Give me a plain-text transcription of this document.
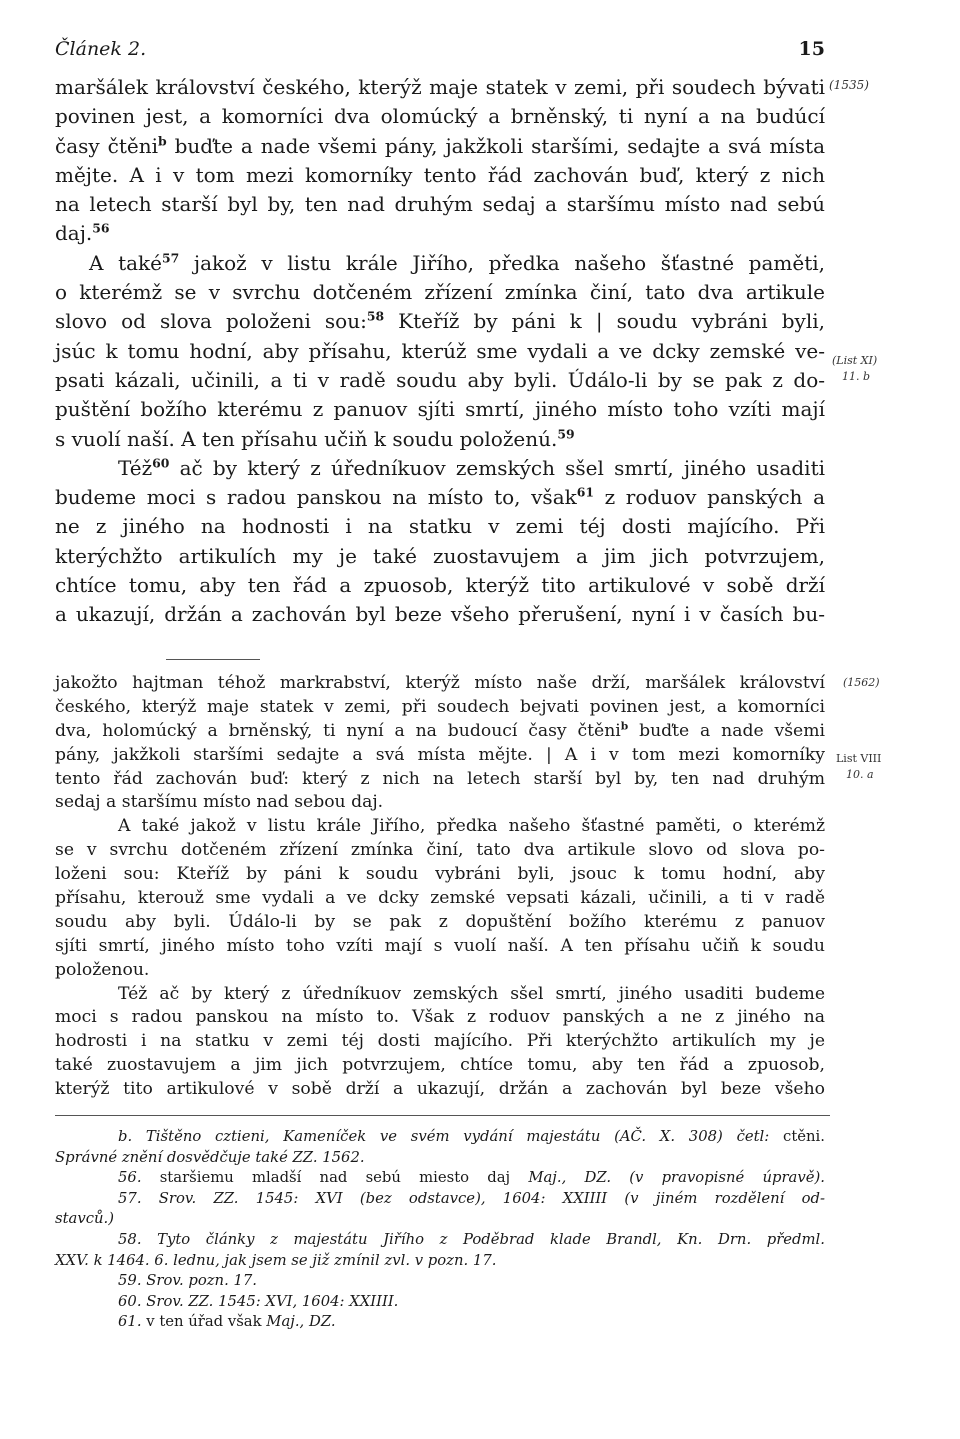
Článek 2.	15
maršálek království českého, kterýž maje statek v zemi, při soudech bývati
povinen jest, a komorníci dva olomúcký a brněnský, ti nyní a na budúcí
časy čtěni$^b$ buďte a nade všemi pány, jakžkoli staršími, sedajte a svá místa
mějte. A i v tom mezi komorníky tento řád zachován buď, který z nich
na letech starší byl by, ten nad druhým sedaj a staršímu místo nad sebú
daj.$^{56}$
A také$^{57}$ jakož v listu krále Jiřího, předka našeho šťastné paměti,
o kterémž se v svrchu dotčeném zřízení zmínka činí, tato dva artikule
slovo od slova položeni sou:$^{58}$ Kteříž by páni k | soudu vybráni byli,
jsúc k tomu hodní, aby přísahu, kterúž sme vydali a ve dcky zemské ve-
psati kázali, učinili, a ti v radě soudu aby byli. Údálo-li by se pak z do-
puštění božího kterému z panuov sjíti smrtí, jiného místo toho vzíti mají
s vuolí naší. A ten přísahu učiň k soudu položenú.$^{59}$
Též$^{60}$ ač by který z úředníkuov zemských sšel smrtí, jiného usaditi
budeme moci s radou panskou na místo to, však$^{61}$ z roduov panských a
ne z jiného na hodnosti i na statku v zemi téj dosti majícího. Při
kterýchžto artikulích my je také zuostavujem a jim jich potvrzujem,
chtíce tomu, aby ten řád a zpuosob, kterýž tito artikulové v sobě drží
a ukazují, držán a zachován byl beze všeho přerušení, nyní i v časích bu-
(1535)
(List XI)
11. b
jakožto hajtman téhož markrabství, kterýž místo naše drží, maršálek království
českého, kterýž maje statek v zemi, při soudech bejvati povinen jest, a komorníci
dva, holomúcký a brněnský, ti nyní a na budoucí časy čtěni$^b$ buďte a nade všemi
pány, jakžkoli staršími sedajte a svá místa mějte. | A i v tom mezi komorníky
tento řád zachován buď: který z nich na letech starší byl by, ten nad druhým
sedaj a staršímu místo nad sebou daj.
A také jakož v listu krále Jiřího, předka našeho šťastné paměti, o kterémž
se v svrchu dotčeném zřízení zmínka činí, tato dva artikule slovo od slova po-
loženi sou: Kteříž by páni k soudu vybráni byli, jsouc k tomu hodní, aby
přísahu, kterouž sme vydali a ve dcky zemské vepsati kázali, učinili, a ti v radě
soudu aby byli. Údálo-li by se pak z dopuštění božího kterému z panuov
sjíti smrtí, jiného místo toho vzíti mají s vuolí naší. A ten přísahu učiň k soudu
položenou.
Též ač by který z úředníkuov zemských sšel smrtí, jiného usaditi budeme
moci s radou panskou na místo to. Však z roduov panských a ne z jiného na
hodrosti i na statku v zemi téj dosti majícího. Při kterýchžto artikulích my je
také zuostavujem a jim jich potvrzujem, chtíce tomu, aby ten řád a zpuosob,
kterýž tito artikulové v sobě drží a ukazují, držán a zachován byl beze všeho
(1562)
List VIII
10. a
b. Tištěno cztieni, Kameníček ve svém vydání majestátu (AČ. X. 308) četl: ctěni.
Správné znění dosvědčuje také ZZ. 1562.
56. staršiemu mladší nad sebú miesto daj Maj., DZ. (v pravopisné úpravě).
57. Srov. ZZ. 1545: XVI (bez odstavce), 1604: XXIIII (v jiném rozdělení od-
stavců.)
58. Tyto články z majestátu Jiřího z Poděbrad klade Brandl, Kn. Drn. předml.
XXV. k 1464. 6. lednu, jak jsem se již zmínil zvl. v pozn. 17.
59. Srov. pozn. 17.
60. Srov. ZZ. 1545: XVI, 1604: XXIIII.
61. v ten úřad však Maj., DZ.
